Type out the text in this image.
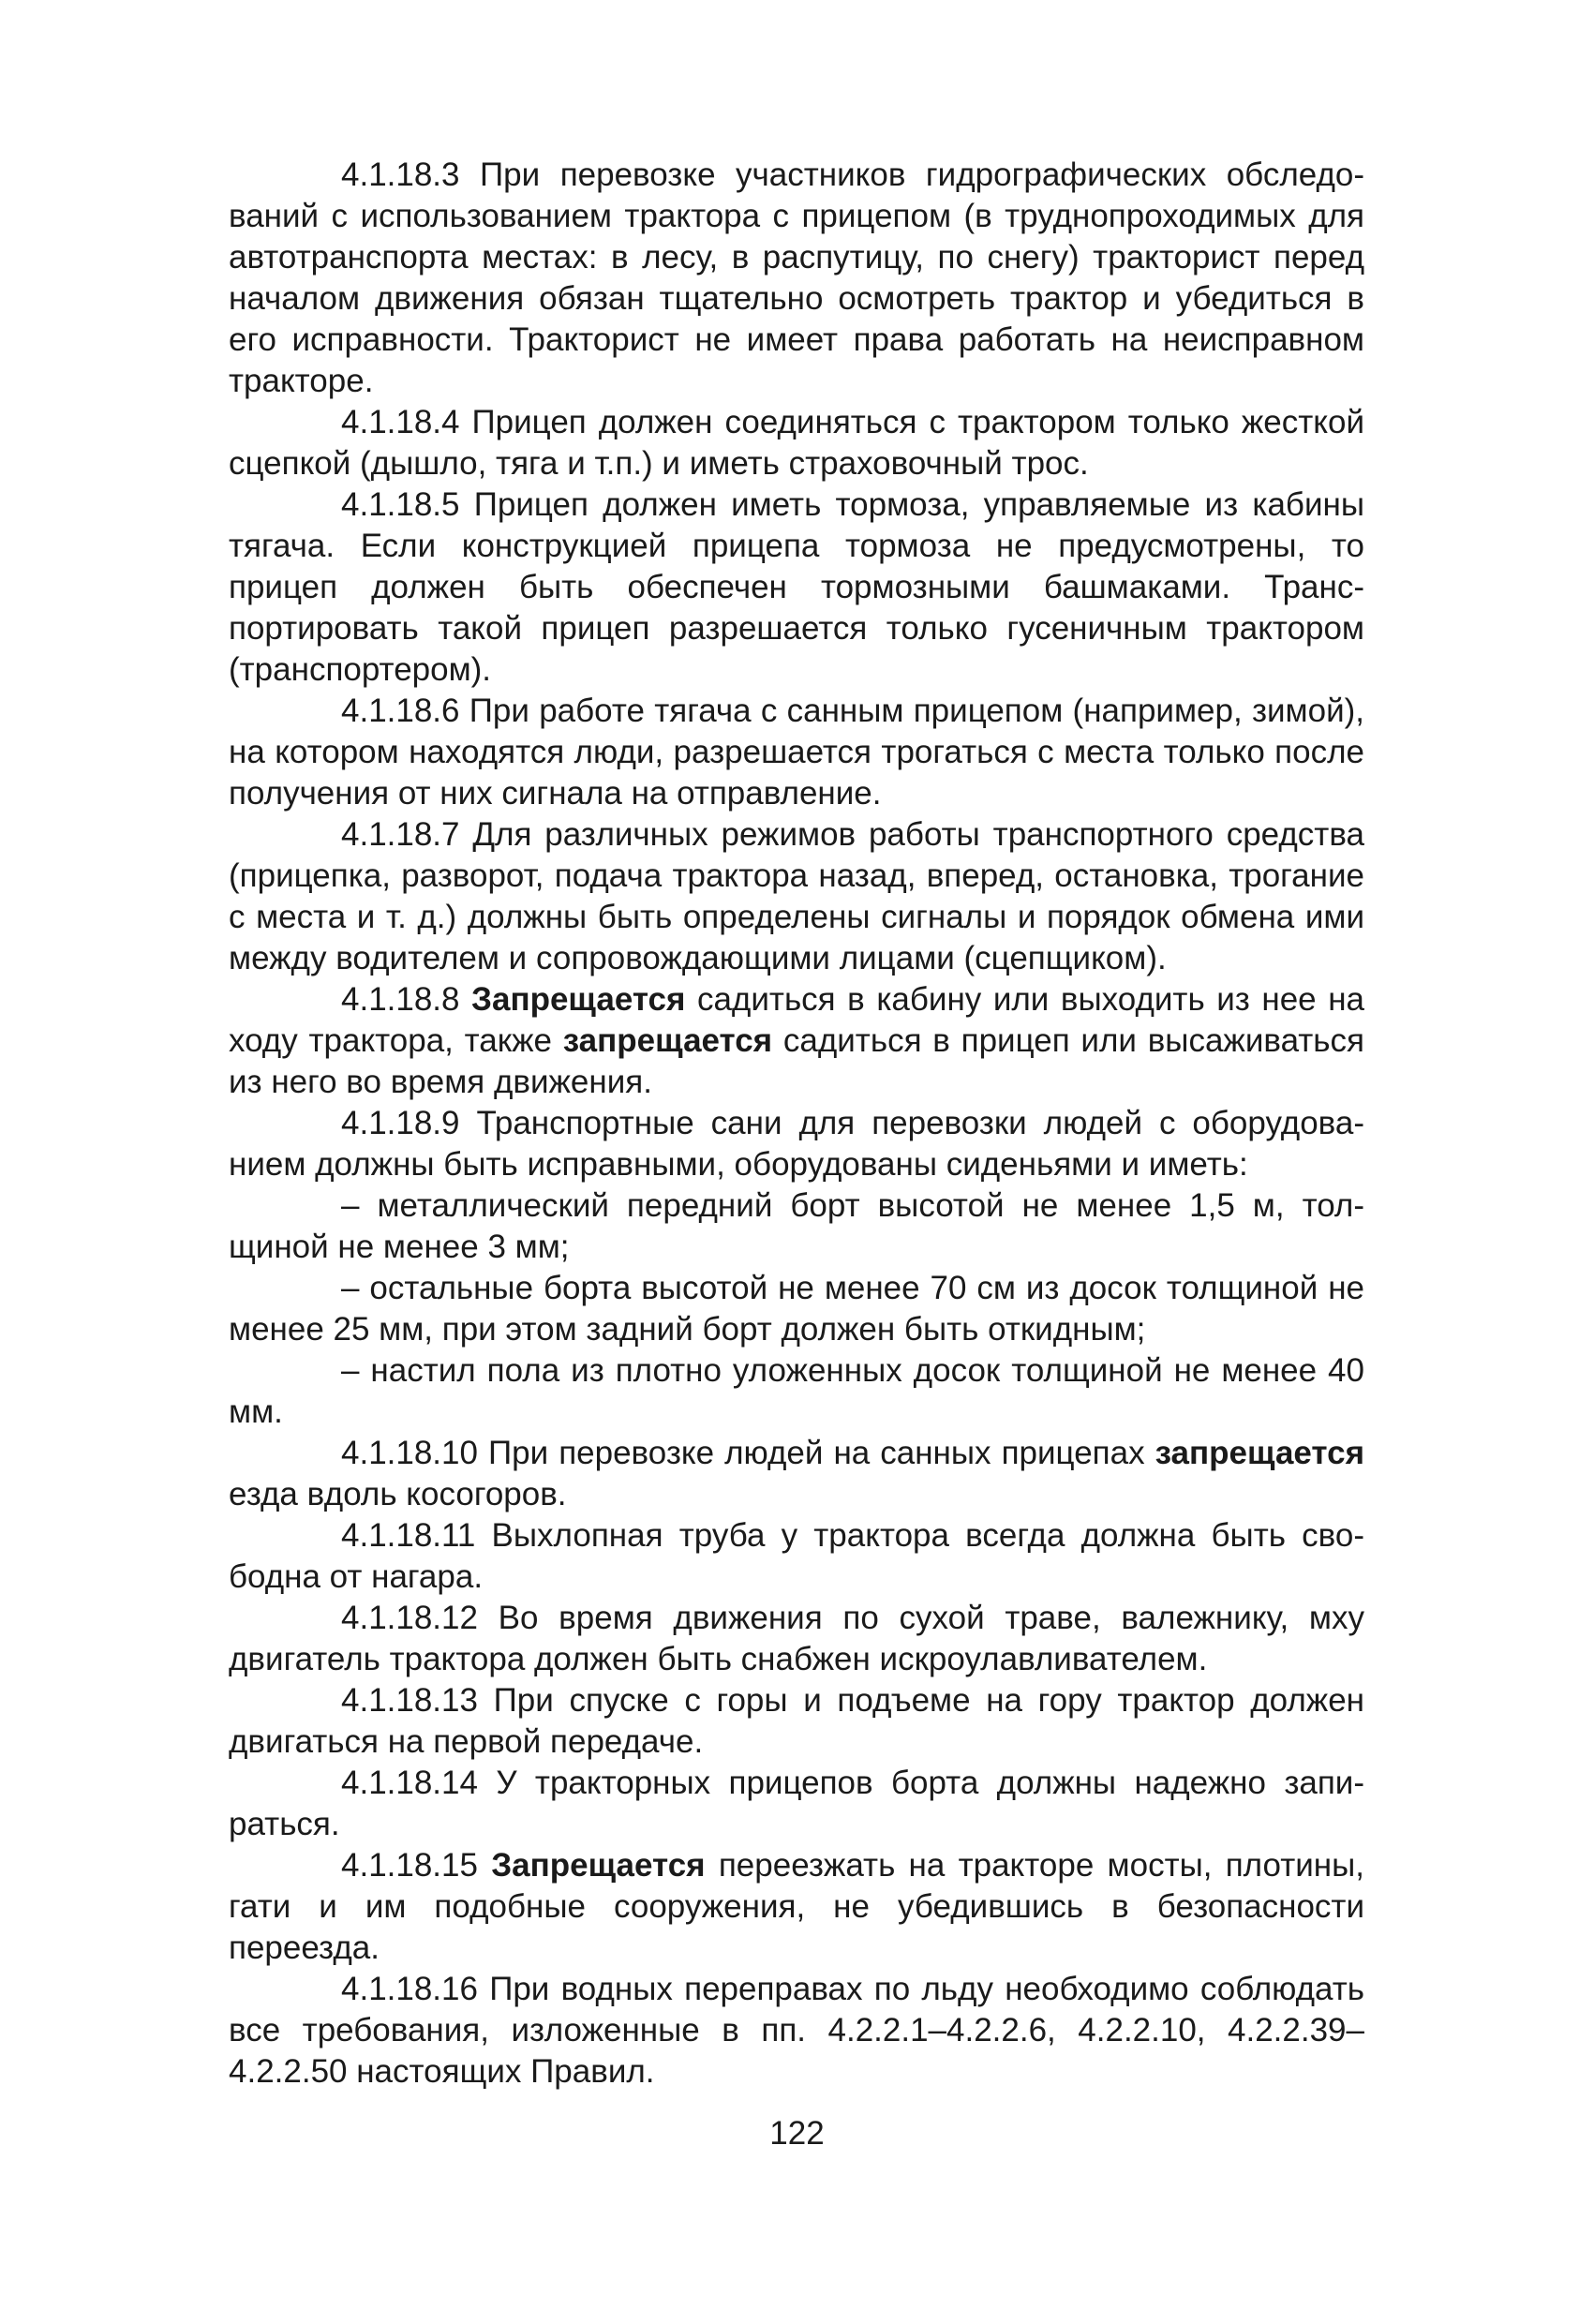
4.1.18.3 При перевозке участников гидрографических обследований с использованием трактора с прицепом (в труднопроходимых для автотранспорта местах: в лесу, в распутицу, по снегу) тракторист перед началом движения обязан тщательно осмотреть трактор и убедиться в его исправности. Тракторист не имеет права работать на неисправном тракторе.

4.1.18.4 Прицеп должен соединяться с трактором только жесткой сцепкой (дышло, тяга и т.п.) и иметь страховочный трос.

4.1.18.5 Прицеп должен иметь тормоза, управляемые из кабины тягача. Если конструкцией прицепа тормоза не предусмотрены, то прицеп должен быть обеспечен тормозными башмаками. Транспортировать такой прицеп разрешается только гусеничным трактором (транспортером).

4.1.18.6 При работе тягача с санным прицепом (например, зимой), на котором находятся люди, разрешается трогаться с места только после получения от них сигнала на отправление.

4.1.18.7 Для различных режимов работы транспортного средства (прицепка, разворот, подача трактора назад, вперед, остановка, трогание с места и т. д.) должны быть определены сигналы и порядок обмена ими между водителем и сопровождающими лицами (сцепщиком).

4.1.18.8 Запрещается садиться в кабину или выходить из нее на ходу трактора, также запрещается садиться в прицеп или высаживаться из него во время движения.

4.1.18.9 Транспортные сани для перевозки людей с оборудованием должны быть исправными, оборудованы сиденьями и иметь:

– металлический передний борт высотой не менее 1,5 м, толщиной не менее 3 мм;

– остальные борта высотой не менее 70 см из досок толщиной не менее 25 мм, при этом задний борт должен быть откидным;

– настил пола из плотно уложенных досок толщиной не менее 40 мм.

4.1.18.10 При перевозке людей на санных прицепах запрещается езда вдоль косогоров.

4.1.18.11 Выхлопная труба у трактора всегда должна быть свободна от нагара.

4.1.18.12 Во время движения по сухой траве, валежнику, мху двигатель трактора должен быть снабжен искроулавливателем.

4.1.18.13 При спуске с горы и подъеме на гору трактор должен двигаться на первой передаче.

4.1.18.14 У тракторных прицепов борта должны надежно запираться.

4.1.18.15 Запрещается переезжать на тракторе мосты, плотины, гати и им подобные сооружения, не убедившись в безопасности переезда.

4.1.18.16 При водных переправах по льду необходимо соблюдать все требования, изложенные в пп. 4.2.2.1–4.2.2.6, 4.2.2.10, 4.2.2.39–4.2.2.50 настоящих Правил.

122
